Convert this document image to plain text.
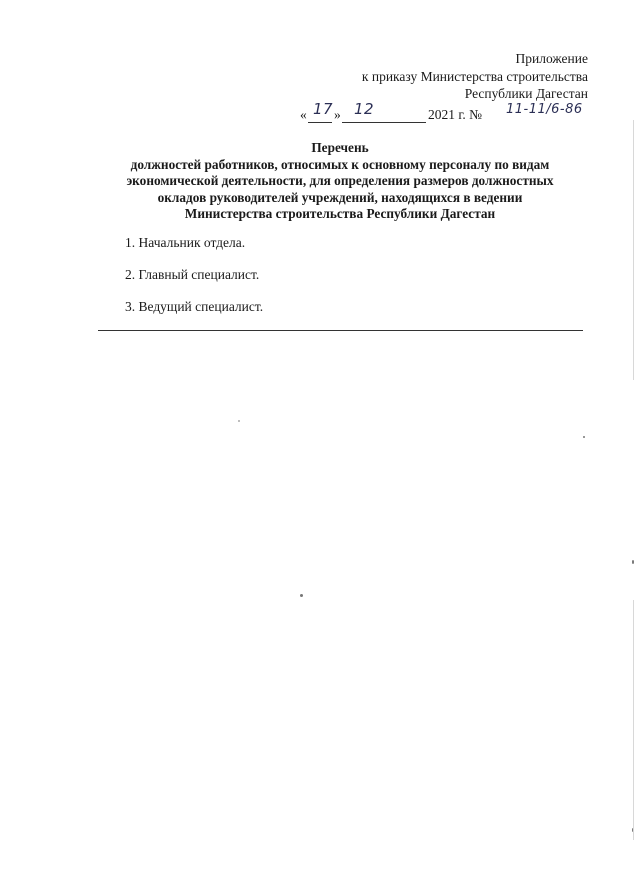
Приложение
к приказу Министерства строительства
Республики Дагестан
« 17 » 12	2021 г. № 11-11/6-86
Перечень
должностей работников, относимых к основному персоналу по видам
экономической деятельности, для определения размеров должностных
окладов руководителей учреждений, находящихся в ведении
Министерства строительства Республики Дагестан
1. Начальник отдела.
2. Главный специалист.
3. Ведущий специалист.
